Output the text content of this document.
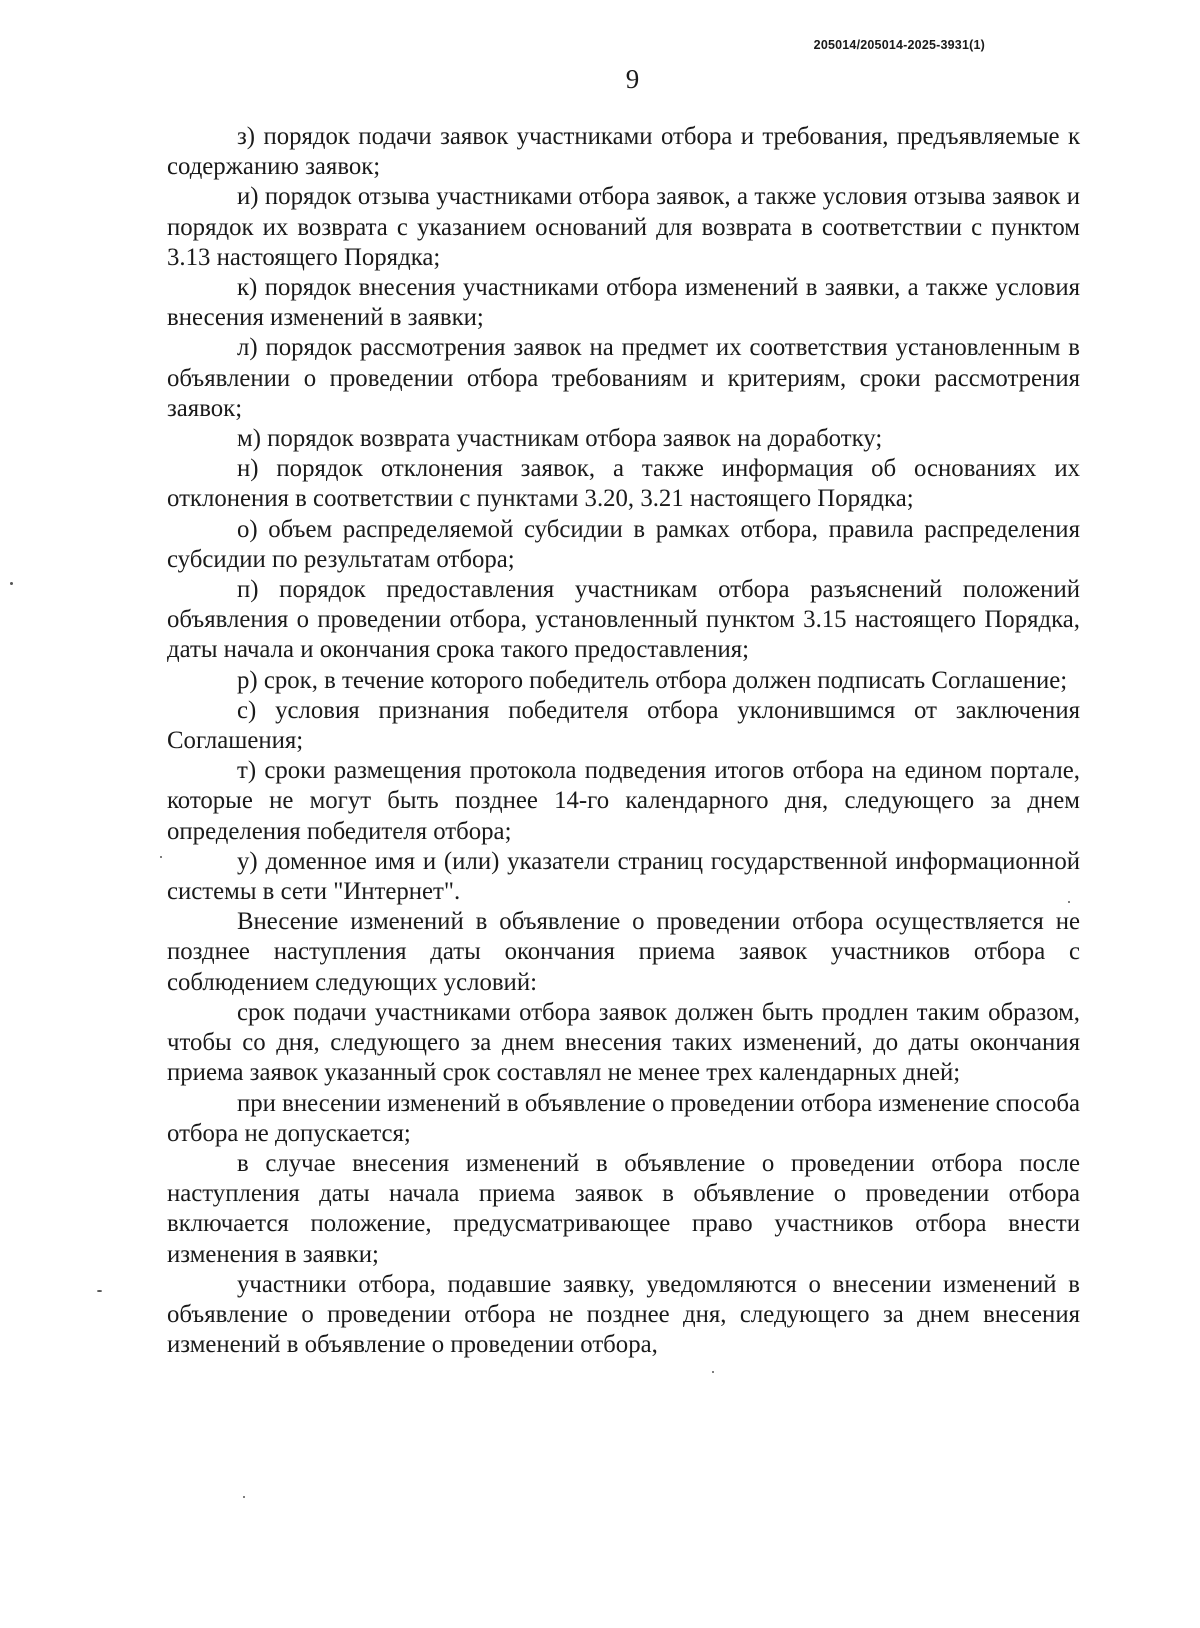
205014/205014-2025-3931(1)
9

з) порядок подачи заявок участниками отбора и требования, предъявляемые к содержанию заявок;

и) порядок отзыва участниками отбора заявок, а также условия отзыва заявок и порядок их возврата с указанием оснований для возврата в соответствии с пунктом 3.13 настоящего Порядка;

к) порядок внесения участниками отбора изменений в заявки, а также условия внесения изменений в заявки;

л) порядок рассмотрения заявок на предмет их соответствия установленным в объявлении о проведении отбора требованиям и критериям, сроки рассмотрения заявок;

м) порядок возврата участникам отбора заявок на доработку;

н) порядок отклонения заявок, а также информация об основаниях их отклонения в соответствии с пунктами 3.20, 3.21 настоящего Порядка;

о) объем распределяемой субсидии в рамках отбора, правила распределения субсидии по результатам отбора;

п) порядок предоставления участникам отбора разъяснений положений объявления о проведении отбора, установленный пунктом 3.15 настоящего Порядка, даты начала и окончания срока такого предоставления;

р) срок, в течение которого победитель отбора должен подписать Соглашение;

с) условия признания победителя отбора уклонившимся от заключения Соглашения;

т) сроки размещения протокола подведения итогов отбора на едином портале, которые не могут быть позднее 14-го календарного дня, следующего за днем определения победителя отбора;

у) доменное имя и (или) указатели страниц государственной информационной системы в сети "Интернет".

Внесение изменений в объявление о проведении отбора осуществляется не позднее наступления даты окончания приема заявок участников отбора с соблюдением следующих условий:

срок подачи участниками отбора заявок должен быть продлен таким образом, чтобы со дня, следующего за днем внесения таких изменений, до даты окончания приема заявок указанный срок составлял не менее трех календарных дней;

при внесении изменений в объявление о проведении отбора изменение способа отбора не допускается;

в случае внесения изменений в объявление о проведении отбора после наступления даты начала приема заявок в объявление о проведении отбора включается положение, предусматривающее право участников отбора внести изменения в заявки;

участники отбора, подавшие заявку, уведомляются о внесении изменений в объявление о проведении отбора не позднее дня, следующего за днем внесения изменений в объявление о проведении отбора,
